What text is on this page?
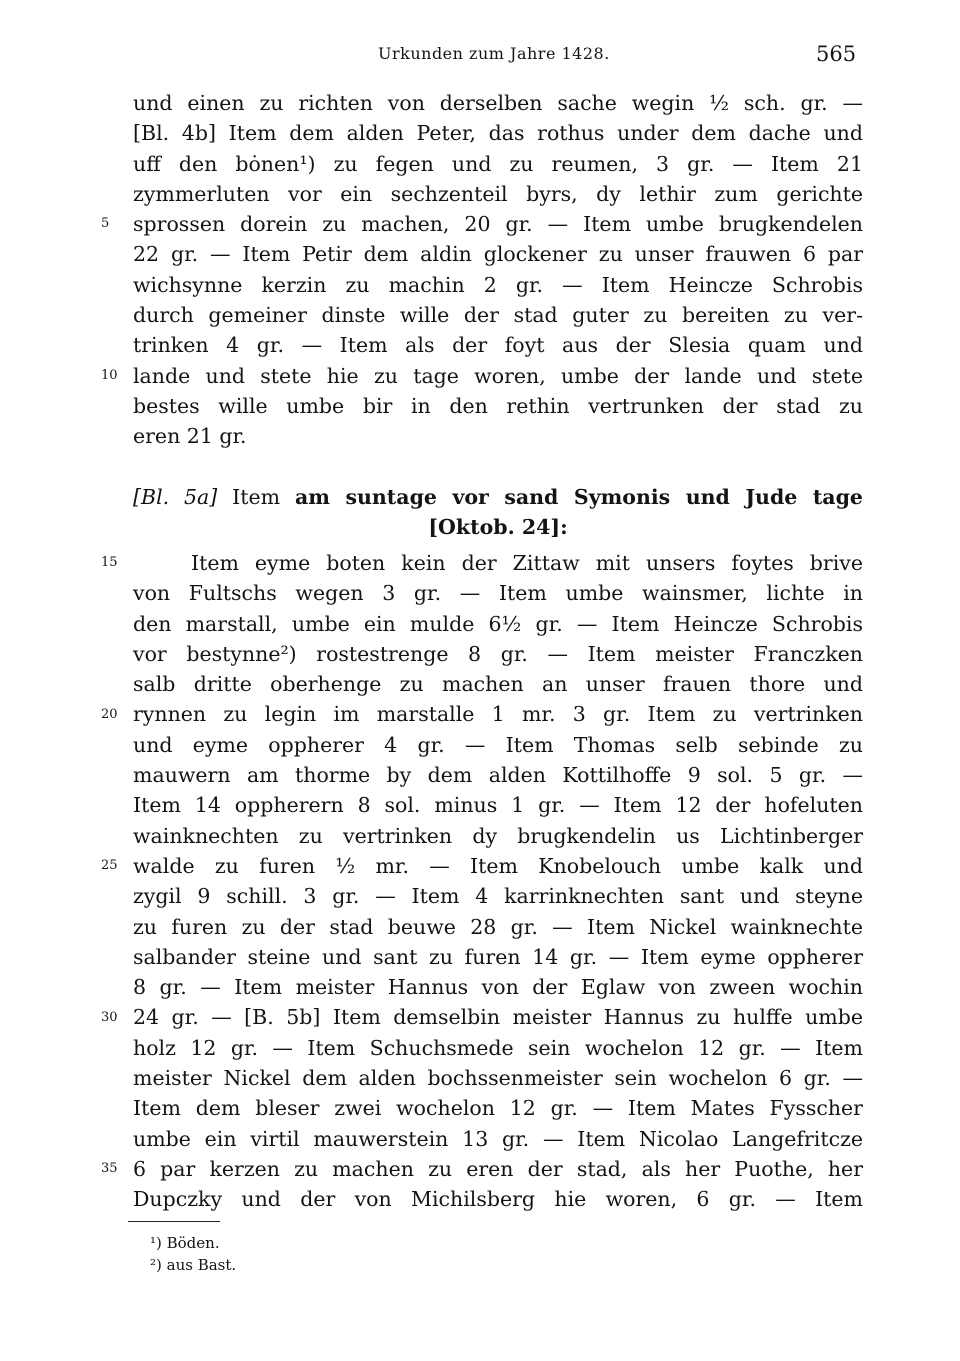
Urkunden zum Jahre 1428.	565
und einen zu richten von derselben sache wegin ½ sch. gr. —
[Bl. 4b] Item dem alden Peter, das rothus under dem dache und
uff den bȯnen¹) zu fegen und zu reumen, 3 gr. — Item 21
zymmerluten vor ein sechzenteil byrs, dy lethir zum gerichte
sprossen dorein zu machen, 20 gr. — Item umbe brugkendelen
22 gr. — Item Petir dem aldin glockener zu unser frauwen 6 par
wichsynne kerzin zu machin 2 gr. — Item Heincze Schrobis
durch gemeiner dinste wille der stad guter zu bereiten zu ver-
trinken 4 gr. — Item als der foyt aus der Slesia quam und
lande und stete hie zu tage woren, umbe der lande und stete
bestes wille umbe bir in den rethin vertrunken der stad zu
eren 21 gr.
[Bl. 5a] Item am suntage vor sand Symonis und Jude tage
[Oktob. 24]:
Item eyme boten kein der Zittaw mit unsers foytes brive
von Fultschs wegen 3 gr. — Item umbe wainsmer, lichte in
den marstall, umbe ein mulde 6½ gr. — Item Heincze Schrobis
vor bestynne²) rostestrenge 8 gr. — Item meister Franczken
salb dritte oberhenge zu machen an unser frauen thore und
rynnen zu legin im marstalle 1 mr. 3 gr. Item zu vertrinken
und eyme oppherer 4 gr. — Item Thomas selb sebinde zu
mauwern am thorme by dem alden Kottilhoffe 9 sol. 5 gr. —
Item 14 oppherern 8 sol. minus 1 gr. — Item 12 der hofeluten
wainknechten zu vertrinken dy brugkendelin us Lichtinberger
walde zu furen ½ mr. — Item Knobelouch umbe kalk und
zygil 9 schill. 3 gr. — Item 4 karrinknechten sant und steyne
zu furen zu der stad beuwe 28 gr. — Item Nickel wainknechte
salbander steine und sant zu furen 14 gr. — Item eyme oppherer
8 gr. — Item meister Hannus von der Eglaw von zween wochin
24 gr. — [B. 5b] Item demselbin meister Hannus zu hulffe umbe
holz 12 gr. — Item Schuchsmede sein wochelon 12 gr. — Item
meister Nickel dem alden bochssenmeister sein wochelon 6 gr. —
Item dem bleser zwei wochelon 12 gr. — Item Mates Fysscher
umbe ein virtil mauwerstein 13 gr. — Item Nicolao Langefritcze
6 par kerzen zu machen zu eren der stad, als her Puothe, her
Dupczky und der von Michilsberg hie woren, 6 gr. — Item
5
10
15
20
25
30
35
¹) Böden.
²) aus Bast.
